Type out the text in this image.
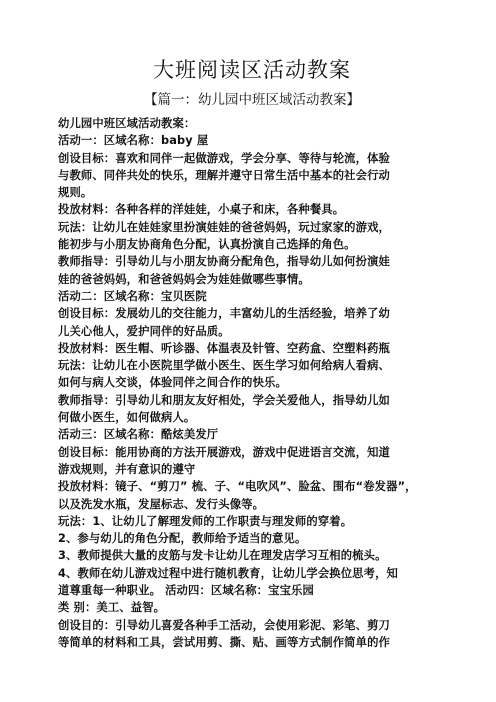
大班阅读区活动教案
【篇一：幼儿园中班区域活动教案】
幼儿园中班区域活动教案：
活动一：区域名称：baby 屋
创设目标：喜欢和同伴一起做游戏，学会分享、等待与轮流，体验
与教师、同伴共处的快乐，理解并遵守日常生活中基本的社会行动
规则。
投放材料：各种各样的洋娃娃，小桌子和床，各种餐具。
玩法：让幼儿在娃娃家里扮演娃娃的爸爸妈妈，玩过家家的游戏，
能初步与小朋友协商角色分配，认真扮演自己选择的角色。
教师指导：引导幼儿与小朋友协商分配角色，指导幼儿如何扮演娃
娃的爸爸妈妈，和爸爸妈妈会为娃娃做哪些事情。
活动二：区域名称：宝贝医院
创设目标：发展幼儿的交往能力，丰富幼儿的生活经验，培养了幼
儿关心他人，爱护同伴的好品质。
投放材料：医生帽、听诊器、体温表及针管、空药盒、空塑料药瓶
玩法：让幼儿在小医院里学做小医生、医生学习如何给病人看病、
如何与病人交谈，体验同伴之间合作的快乐。
教师指导：引导幼儿和朋友友好相处，学会关爱他人，指导幼儿如
何做小医生，如何做病人。
活动三：区域名称：酷炫美发厅
创设目标：能用协商的方法开展游戏，游戏中促进语言交流，知道
游戏规则，并有意识的遵守
投放材料：镜子、“剪刀” 梳、子、“电吹风”、脸盆、围布“卷发器”，
以及洗发水瓶，发屋标志、发行头像等。
玩法：1、让幼儿了解理发师的工作职责与理发师的穿着。
2、参与幼儿的角色分配，教师给予适当的意见。
3、教师提供大量的皮筋与发卡让幼儿在理发店学习互相的梳头。
4、教师在幼儿游戏过程中进行随机教育，让幼儿学会换位思考，知
道尊重每一种职业。 活动四：区域名称：宝宝乐园
类 别：美工、益智。
创设目的：引导幼儿喜爱各种手工活动，会使用彩泥、彩笔、剪刀
等简单的材料和工具，尝试用剪、撕、贴、画等方式制作简单的作
